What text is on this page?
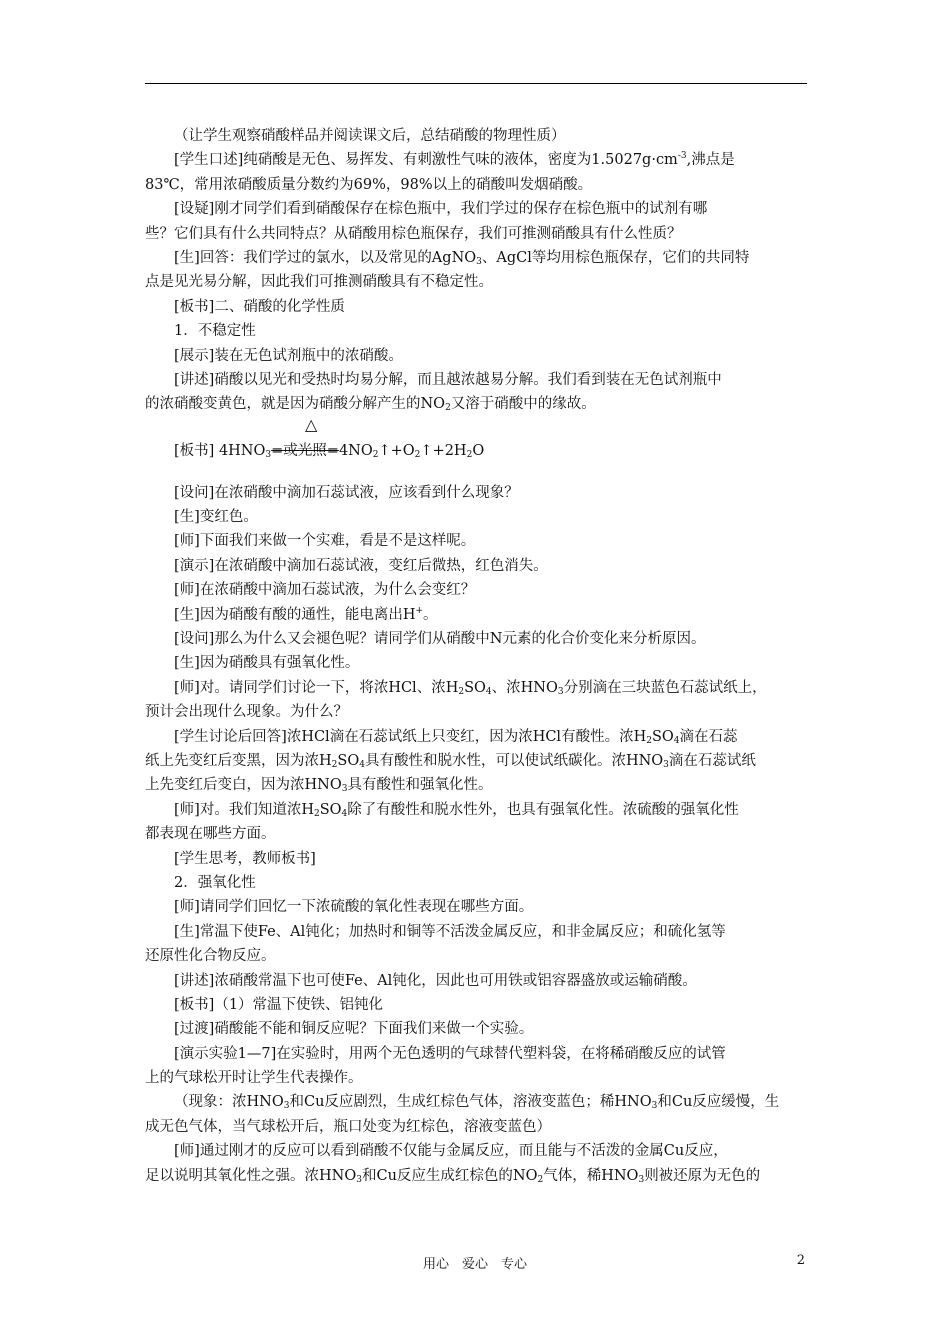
（让学生观察硝酸样品并阅读课文后，总结硝酸的物理性质）
[学生口述]纯硝酸是无色、易挥发、有刺激性气味的液体，密度为$1.5027g\cdot cm^{-3}$,沸点是
83℃，常用浓硝酸质量分数约为69%，98%以上的硝酸叫发烟硝酸。
[设疑]刚才同学们看到硝酸保存在棕色瓶中，我们学过的保存在棕色瓶中的试剂有哪
些？它们具有什么共同特点？从硝酸用棕色瓶保存，我们可推测硝酸具有什么性质？
[生]回答：我们学过的氯水，以及常见的AgNO$_3$、AgCl等均用棕色瓶保存，它们的共同特
点是见光易分解，因此我们可推测硝酸具有不稳定性。
[板书]二、硝酸的化学性质
1．不稳定性
[展示]装在无色试剂瓶中的浓硝酸。
[讲述]硝酸以见光和受热时均易分解，而且越浓越易分解。我们看到装在无色试剂瓶中
的浓硝酸变黄色，就是因为硝酸分解产生的$NO_2$又溶于硝酸中的缘故。
△
[板书] $4HNO_3=$或光照$=4NO_2↑+O_2↑+2H_2O$
[设问]在浓硝酸中滴加石蕊试液，应该看到什么现象？
[生]变红色。
[师]下面我们来做一个实难，看是不是这样呢。
[演示]在浓硝酸中滴加石蕊试液，变红后微热，红色消失。
[师]在浓硝酸中滴加石蕊试液，为什么会变红？
[生]因为硝酸有酸的通性，能电离出H+。
[设问]那么为什么又会褪色呢？请同学们从硝酸中N元素的化合价变化来分析原因。
[生]因为硝酸具有强氧化性。
[师]对。请同学们讨论一下，将浓HCl、浓$H_2SO_4$、浓$HNO_3$分别滴在三块蓝色石蕊试纸上，
预计会出现什么现象。为什么？
[学生讨论后回答]浓HCl滴在石蕊试纸上只变红，因为浓HCl有酸性。浓$H_2SO_4$滴在石蕊
纸上先变红后变黑，因为浓$H_2SO_4$具有酸性和脱水性，可以使试纸碳化。浓$HNO_3$滴在石蕊试纸
上先变红后变白，因为浓$HNO_3$具有酸性和强氧化性。
[师]对。我们知道浓$H_2SO_4$除了有酸性和脱水性外，也具有强氧化性。浓硫酸的强氧化性
都表现在哪些方面。
[学生思考，教师板书]
2．强氧化性
[师]请同学们回忆一下浓硫酸的氧化性表现在哪些方面。
[生]常温下使Fe、Al钝化；加热时和铜等不活泼金属反应，和非金属反应；和硫化氢等
还原性化合物反应。
[讲述]浓硝酸常温下也可使Fe、Al钝化，因此也可用铁或铝容器盛放或运输硝酸。
[板书]（1）常温下使铁、铝钝化
[过渡]硝酸能不能和铜反应呢？下面我们来做一个实验。
[演示实验1—7]在实验时，用两个无色透明的气球替代塑料袋，在将稀硝酸反应的试管
上的气球松开时让学生代表操作。
（现象：浓$HNO_3$和Cu反应剧烈，生成红棕色气体，溶液变蓝色；稀$HNO_3$和Cu反应缓慢，生
成无色气体，当气球松开后，瓶口处变为红棕色，溶液变蓝色）
[师]通过刚才的反应可以看到硝酸不仅能与金属反应，而且能与不活泼的金属Cu反应，
足以说明其氧化性之强。浓$HNO_3$和Cu反应生成红棕色的$NO_2$气体，稀$HNO_3$则被还原为无色的
用心　爱心　专心	2
